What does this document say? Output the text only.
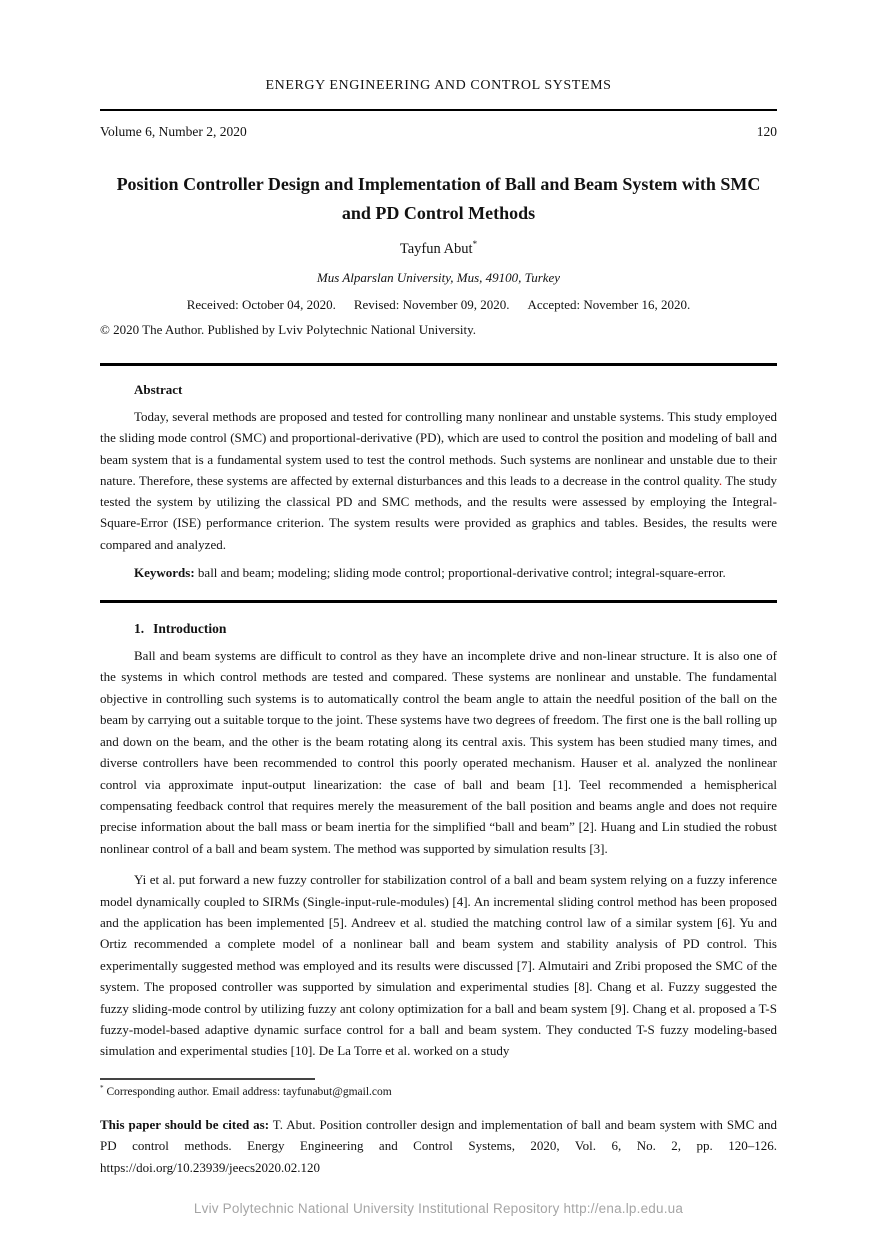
ENERGY ENGINEERING AND CONTROL SYSTEMS
Volume 6, Number 2, 2020	120
Position Controller Design and Implementation of Ball and Beam System with SMC and PD Control Methods
Tayfun Abut*
Mus Alparslan University, Mus, 49100, Turkey
Received: October 04, 2020. Revised: November 09, 2020. Accepted: November 16, 2020.
© 2020 The Author. Published by Lviv Polytechnic National University.
Abstract
Today, several methods are proposed and tested for controlling many nonlinear and unstable systems. This study employed the sliding mode control (SMC) and proportional-derivative (PD), which are used to control the position and modeling of ball and beam system that is a fundamental system used to test the control methods. Such systems are nonlinear and unstable due to their nature. Therefore, these systems are affected by external disturbances and this leads to a decrease in the control quality. The study tested the system by utilizing the classical PD and SMC methods, and the results were assessed by employing the Integral-Square-Error (ISE) performance criterion. The system results were provided as graphics and tables. Besides, the results were compared and analyzed.
Keywords: ball and beam; modeling; sliding mode control; proportional-derivative control; integral-square-error.
1. Introduction
Ball and beam systems are difficult to control as they have an incomplete drive and non-linear structure. It is also one of the systems in which control methods are tested and compared. These systems are nonlinear and unstable. The fundamental objective in controlling such systems is to automatically control the beam angle to attain the needful position of the ball on the beam by carrying out a suitable torque to the joint. These systems have two degrees of freedom. The first one is the ball rolling up and down on the beam, and the other is the beam rotating along its central axis. This system has been studied many times, and diverse controllers have been recommended to control this poorly operated mechanism. Hauser et al. analyzed the nonlinear control via approximate input-output linearization: the case of ball and beam [1]. Teel recommended a hemispherical compensating feedback control that requires merely the measurement of the ball position and beams angle and does not require precise information about the ball mass or beam inertia for the simplified “ball and beam” [2]. Huang and Lin studied the robust nonlinear control of a ball and beam system. The method was supported by simulation results [3].
Yi et al. put forward a new fuzzy controller for stabilization control of a ball and beam system relying on a fuzzy inference model dynamically coupled to SIRMs (Single-input-rule-modules) [4]. An incremental sliding control method has been proposed and the application has been implemented [5]. Andreev et al. studied the matching control law of a similar system [6]. Yu and Ortiz recommended a complete model of a nonlinear ball and beam system and stability analysis of PD control. This experimentally suggested method was employed and its results were discussed [7]. Almutairi and Zribi proposed the SMC of the system. The proposed controller was supported by simulation and experimental studies [8]. Chang et al. Fuzzy suggested the fuzzy sliding-mode control by utilizing fuzzy ant colony optimization for a ball and beam system [9]. Chang et al. proposed a T-S fuzzy-model-based adaptive dynamic surface control for a ball and beam system. They conducted T-S fuzzy modeling-based simulation and experimental studies [10]. De La Torre et al. worked on a study
* Corresponding author. Email address: tayfunabut@gmail.com
This paper should be cited as: T. Abut. Position controller design and implementation of ball and beam system with SMC and PD control methods. Energy Engineering and Control Systems, 2020, Vol. 6, No. 2, pp. 120–126. https://doi.org/10.23939/jeecs2020.02.120
Lviv Polytechnic National University Institutional Repository http://ena.lp.edu.ua
